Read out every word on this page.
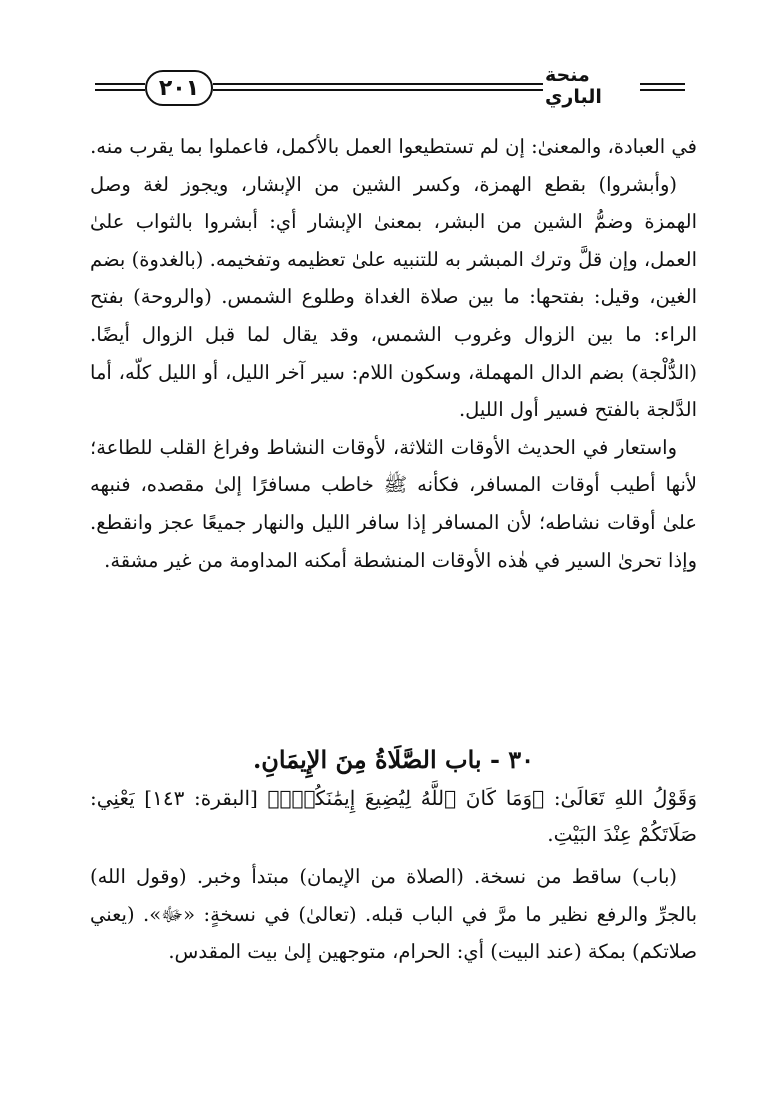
٢٠١
منحة الباري

في العبادة، والمعنىٰ: إن لم تستطيعوا العمل بالأكمل، فاعملوا بما يقرب منه.

(وأبشروا) بقطع الهمزة، وكسر الشين من الإبشار، ويجوز لغة وصل الهمزة وضمُّ الشين من البشر، بمعنىٰ الإبشار أي: أبشروا بالثواب علىٰ العمل، وإن قلَّ وترك المبشر به للتنبيه علىٰ تعظيمه وتفخيمه. (بالغدوة) بضم الغين، وقيل: بفتحها: ما بين صلاة الغداة وطلوع الشمس. (والروحة) بفتح الراء: ما بين الزوال وغروب الشمس، وقد يقال لما قبل الزوال أيضًا. (الدُّلْجة) بضم الدال المهملة، وسكون اللام: سير آخر الليل، أو الليل كلّه، أما الدَّلجة بالفتح فسير أول الليل.

واستعار في الحديث الأوقات الثلاثة، لأوقات النشاط وفراغ القلب للطاعة؛ لأنها أطيب أوقات المسافر، فكأنه ﷺ خاطب مسافرًا إلىٰ مقصده، فنبهه علىٰ أوقات نشاطه؛ لأن المسافر إذا سافر الليل والنهار جميعًا عجز وانقطع. وإذا تحرىٰ السير في هٰذه الأوقات المنشطة أمكنه المداومة من غير مشقة.

٣٠ - باب الصَّلَاةُ مِنَ الإِيمَانِ.

وَقَوْلُ اللهِ تَعَالَىٰ: ﴿وَمَا كَانَ ٱللَّهُ لِيُضِيعَ إِيمَٰنَكُمْۚ﴾ [البقرة: ١٤٣] يَعْنِي: صَلَاتَكُمْ عِنْدَ البَيْتِ.

(باب) ساقط من نسخة. (الصلاة من الإيمان) مبتدأ وخبر. (وقول الله) بالجرِّ والرفع نظير ما مرَّ في الباب قبله. (تعالىٰ) في نسخةٍ: «ﷻ». (يعني صلاتكم) بمكة (عند البيت) أي: الحرام، متوجهين إلىٰ بيت المقدس.
